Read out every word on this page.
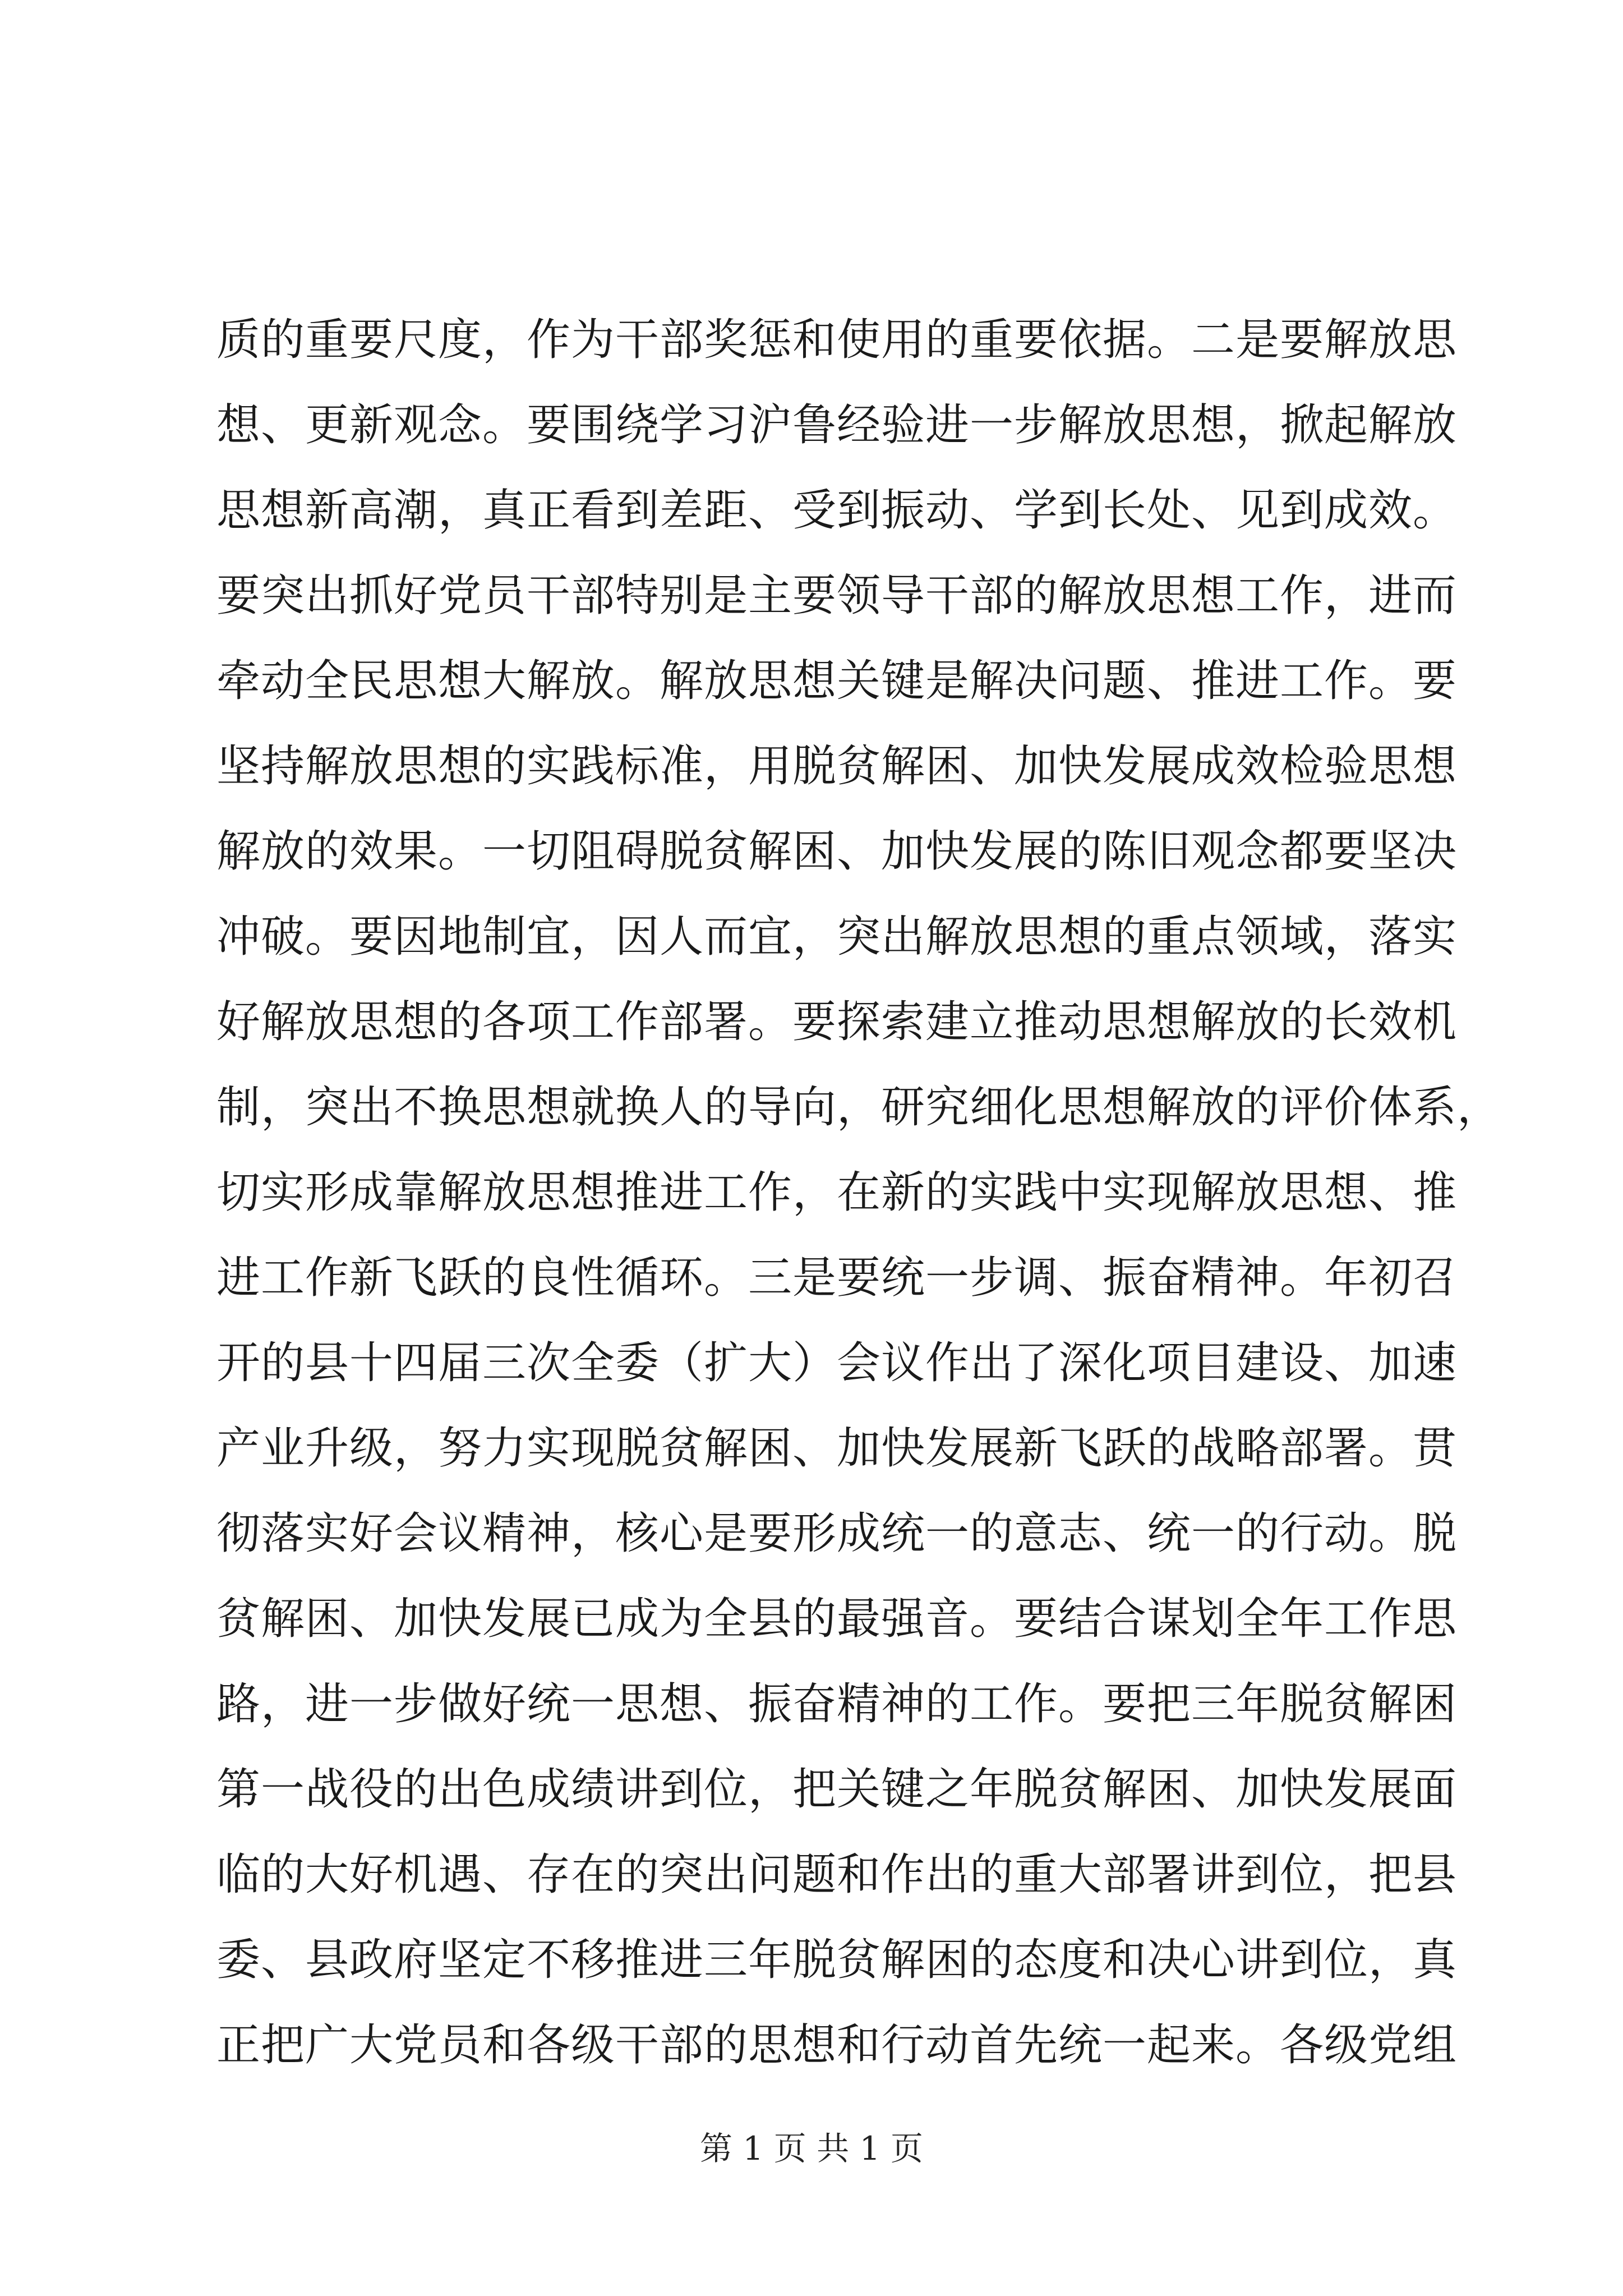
质的重要尺度，作为干部奖惩和使用的重要依据。二是要解放思
想、更新观念。要围绕学习沪鲁经验进一步解放思想，掀起解放
思想新高潮，真正看到差距、受到振动、学到长处、见到成效。
要突出抓好党员干部特别是主要领导干部的解放思想工作，进而
牵动全民思想大解放。解放思想关键是解决问题、推进工作。要
坚持解放思想的实践标准，用脱贫解困、加快发展成效检验思想
解放的效果。一切阻碍脱贫解困、加快发展的陈旧观念都要坚决
冲破。要因地制宜，因人而宜，突出解放思想的重点领域，落实
好解放思想的各项工作部署。要探索建立推动思想解放的长效机
制，突出不换思想就换人的导向，研究细化思想解放的评价体系，
切实形成靠解放思想推进工作，在新的实践中实现解放思想、推
进工作新飞跃的良性循环。三是要统一步调、振奋精神。年初召
开的县十四届三次全委（扩大）会议作出了深化项目建设、加速
产业升级，努力实现脱贫解困、加快发展新飞跃的战略部署。贯
彻落实好会议精神，核心是要形成统一的意志、统一的行动。脱
贫解困、加快发展已成为全县的最强音。要结合谋划全年工作思
路，进一步做好统一思想、振奋精神的工作。要把三年脱贫解困
第一战役的出色成绩讲到位，把关键之年脱贫解困、加快发展面
临的大好机遇、存在的突出问题和作出的重大部署讲到位，把县
委、县政府坚定不移推进三年脱贫解困的态度和决心讲到位，真
正把广大党员和各级干部的思想和行动首先统一起来。各级党组
第 1 页 共 1 页
